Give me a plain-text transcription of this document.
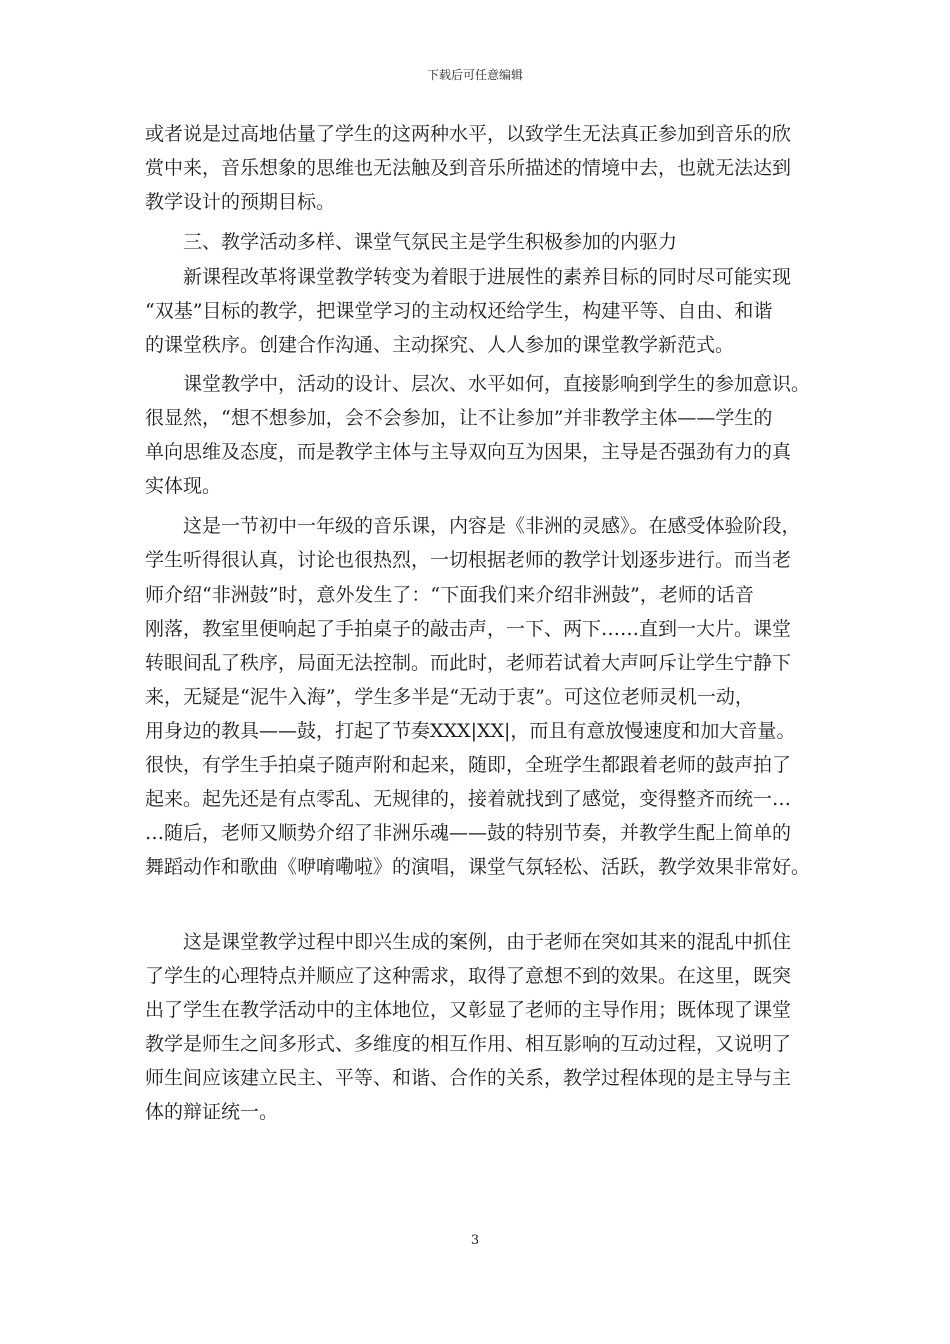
下载后可任意编辑
或者说是过高地估量了学生的这两种水平，以致学生无法真正参加到音乐的欣
赏中来，音乐想象的思维也无法触及到音乐所描述的情境中去，也就无法达到
教学设计的预期目标。
　　三、教学活动多样、课堂气氛民主是学生积极参加的内驱力
　　新课程改革将课堂教学转变为着眼于进展性的素养目标的同时尽可能实现
“双基”目标的教学，把课堂学习的主动权还给学生，构建平等、自由、和谐
的课堂秩序。创建合作沟通、主动探究、人人参加的课堂教学新范式。
　　课堂教学中，活动的设计、层次、水平如何，直接影响到学生的参加意识。
很显然，“想不想参加，会不会参加，让不让参加”并非教学主体——学生的
单向思维及态度，而是教学主体与主导双向互为因果，主导是否强劲有力的真
实体现。
　　这是一节初中一年级的音乐课，内容是《非洲的灵感》。在感受体验阶段，
学生听得很认真，讨论也很热烈，一切根据老师的教学计划逐步进行。而当老
师介绍“非洲鼓”时，意外发生了：“下面我们来介绍非洲鼓”，老师的话音
刚落，教室里便响起了手拍桌子的敲击声，一下、两下……直到一大片。课堂
转眼间乱了秩序，局面无法控制。而此时，老师若试着大声呵斥让学生宁静下
来，无疑是“泥牛入海”，学生多半是“无动于衷”。可这位老师灵机一动，
用身边的教具——鼓，打起了节奏XXX|XX|，而且有意放慢速度和加大音量。
很快，有学生手拍桌子随声附和起来，随即，全班学生都跟着老师的鼓声拍了
起来。起先还是有点零乱、无规律的，接着就找到了感觉，变得整齐而统一…
…随后，老师又顺势介绍了非洲乐魂——鼓的特别节奏，并教学生配上简单的
舞蹈动作和歌曲《咿唷嘞啦》的演唱，课堂气氛轻松、活跃，教学效果非常好。
　　这是课堂教学过程中即兴生成的案例，由于老师在突如其来的混乱中抓住
了学生的心理特点并顺应了这种需求，取得了意想不到的效果。在这里，既突
出了学生在教学活动中的主体地位，又彰显了老师的主导作用；既体现了课堂
教学是师生之间多形式、多维度的相互作用、相互影响的互动过程，又说明了
师生间应该建立民主、平等、和谐、合作的关系，教学过程体现的是主导与主
体的辩证统一。
3
